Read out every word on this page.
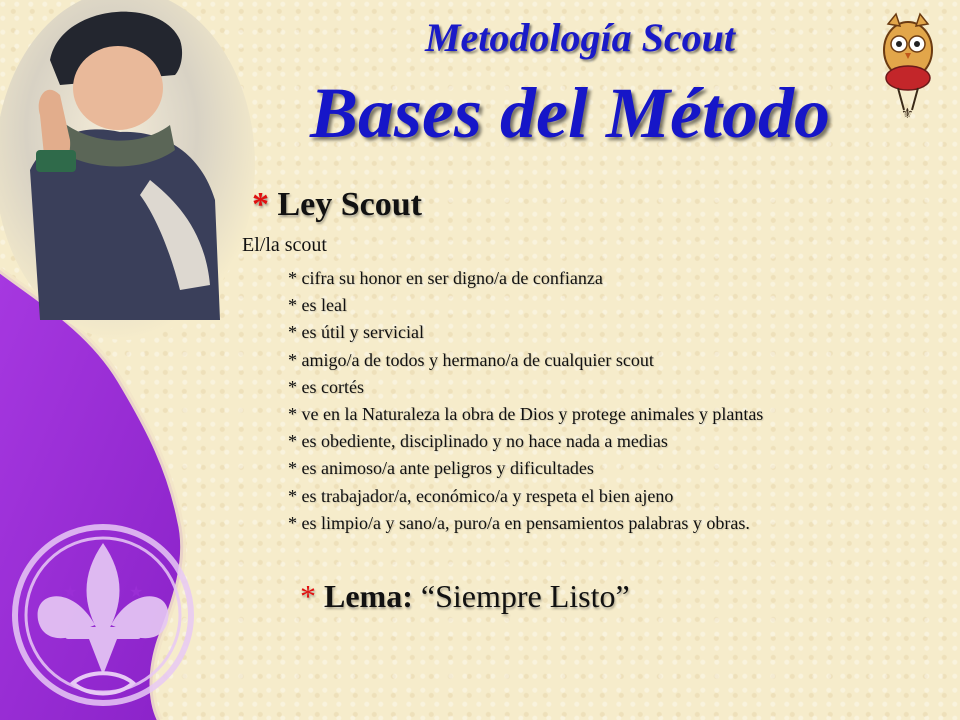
★	★
⚜
Metodología Scout
Bases del Método
* Ley Scout
El/la scout
* cifra su honor en ser digno/a de confianza
* es leal
* es útil y servicial
* amigo/a de todos y hermano/a de cualquier scout
* es cortés
* ve en la Naturaleza la obra de Dios y protege animales y plantas
* es obediente, disciplinado y no hace nada a medias
* es animoso/a ante peligros y dificultades
* es trabajador/a, económico/a y respeta el bien ajeno
* es limpio/a y sano/a, puro/a en pensamientos palabras y obras.
* Lema: “Siempre Listo”
